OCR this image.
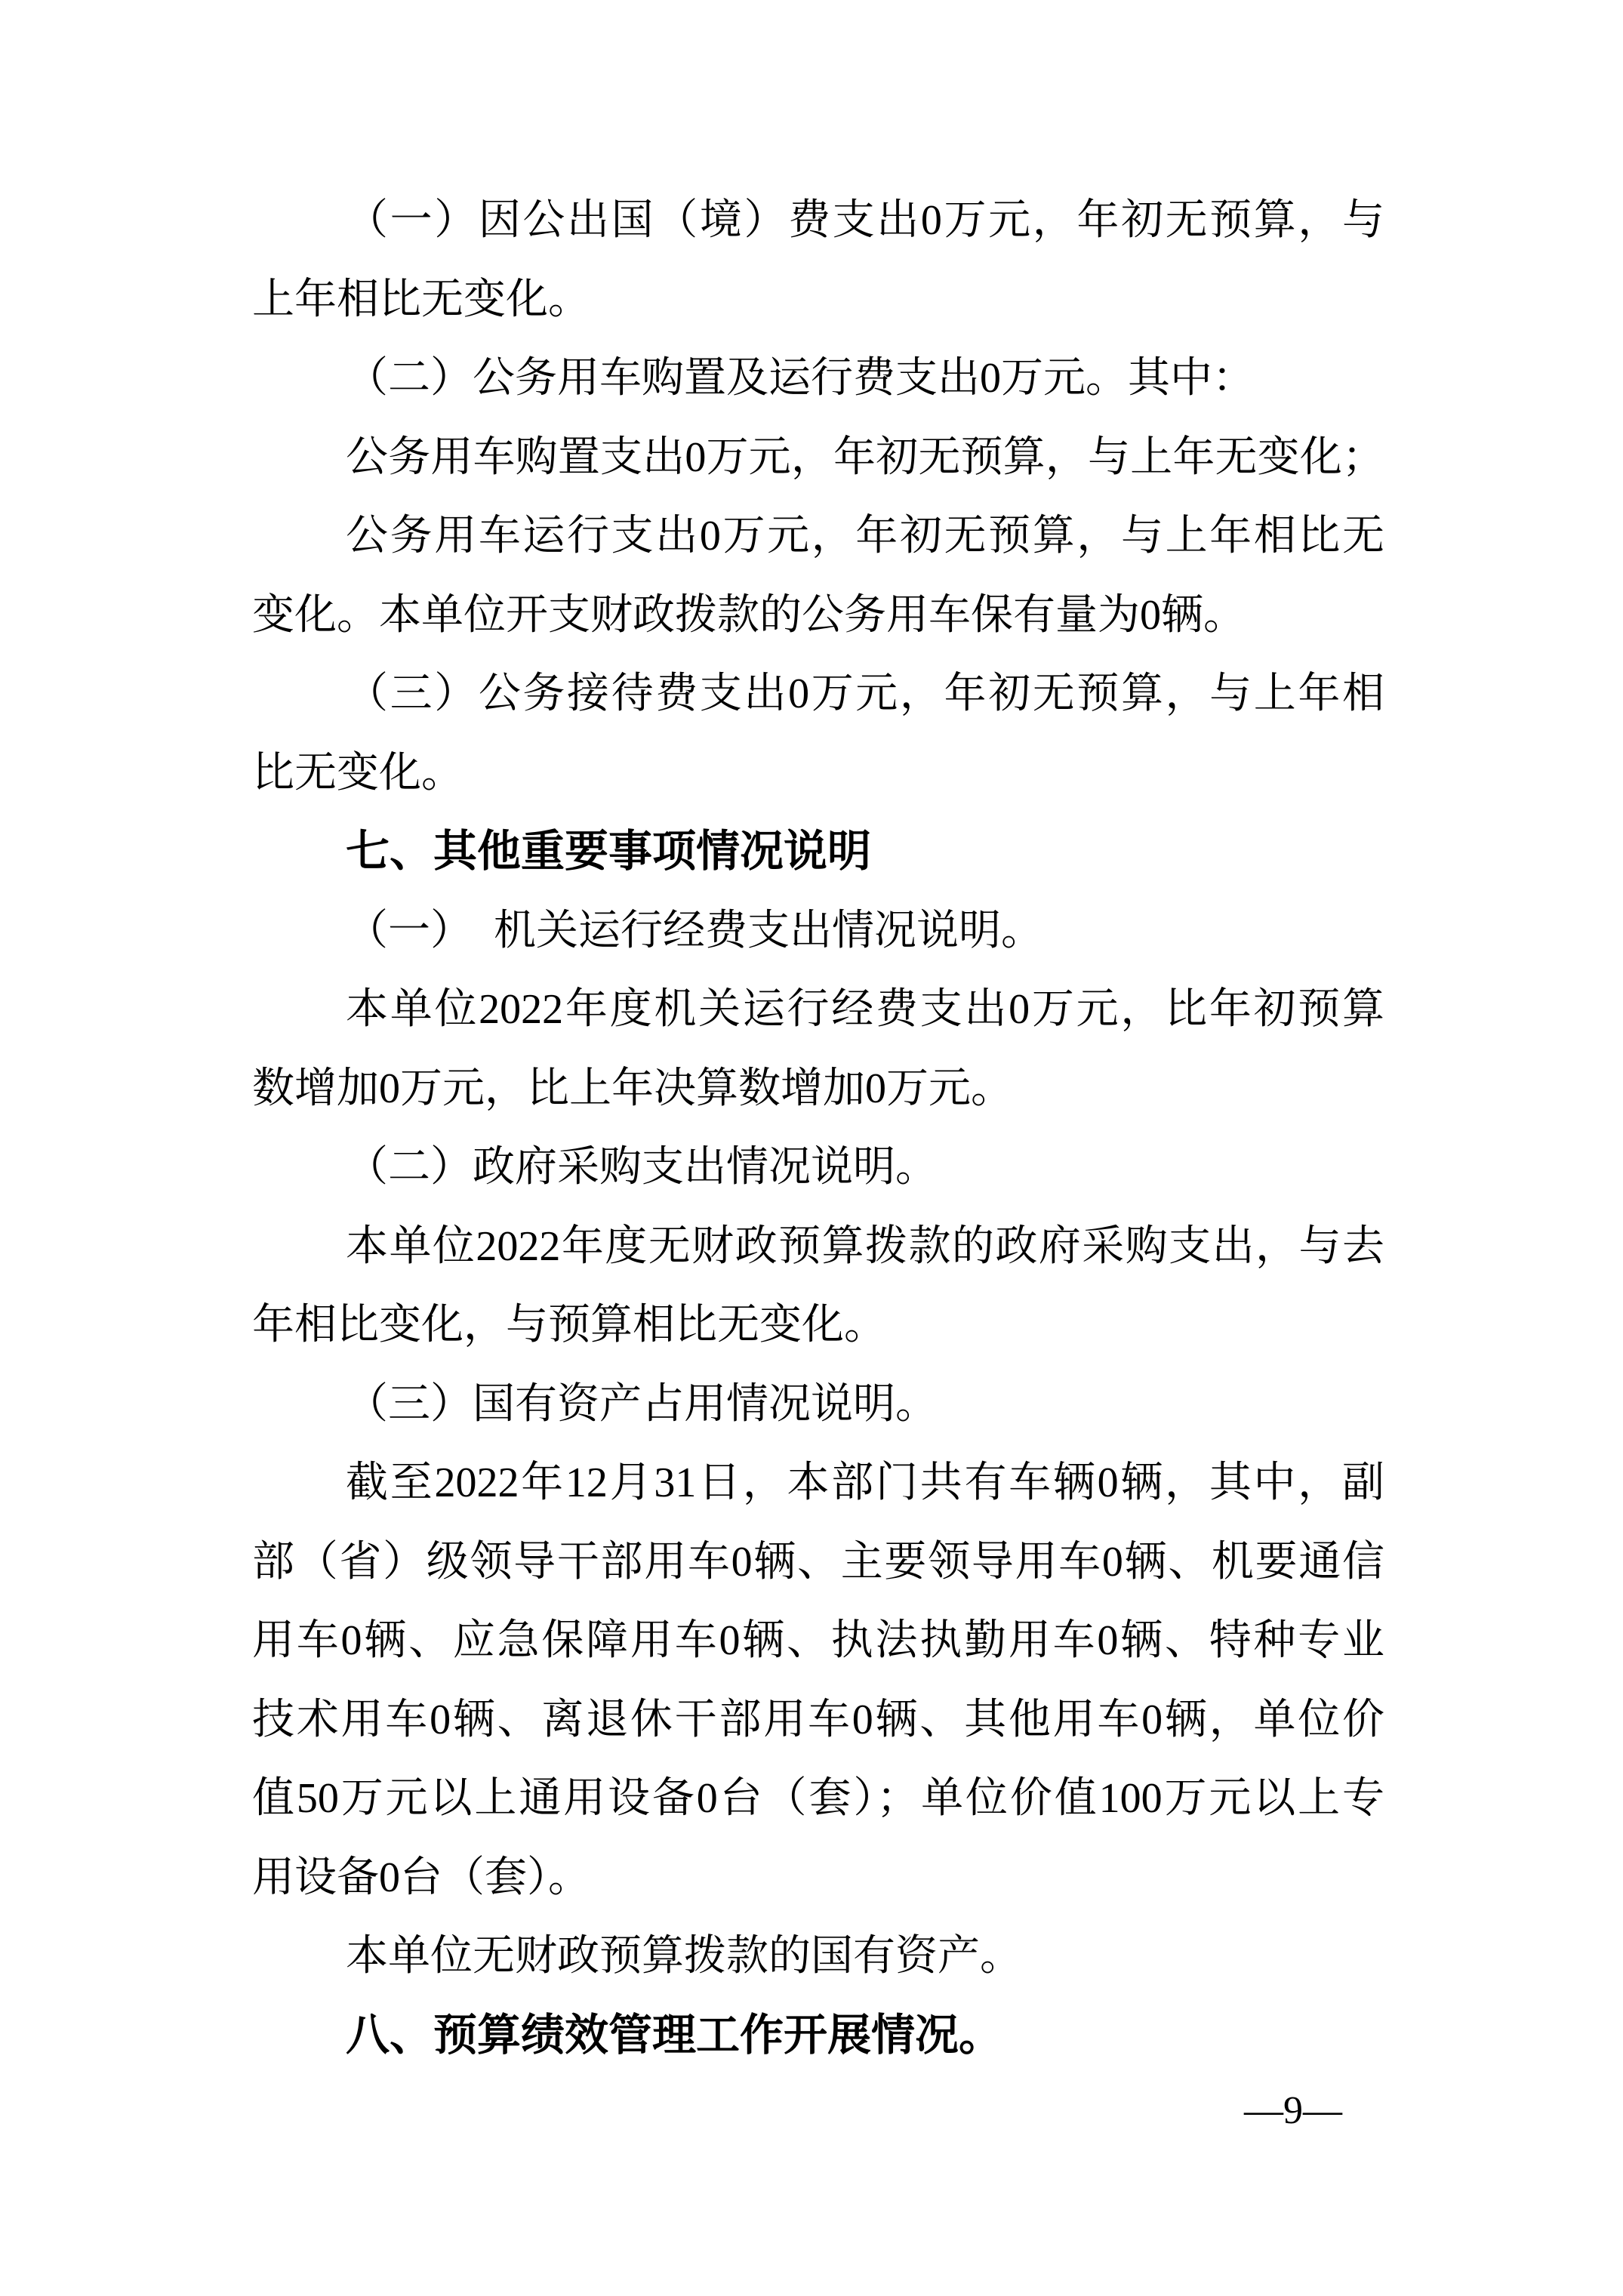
（一）因公出国（境）费支出0万元，年初无预算，与
上年相比无变化。
（二）公务用车购置及运行费支出0万元。其中：
公务用车购置支出0万元，年初无预算，与上年无变化；
公务用车运行支出0万元，年初无预算，与上年相比无
变化。本单位开支财政拨款的公务用车保有量为0辆。
（三）公务接待费支出0万元，年初无预算，与上年相
比无变化。
七、其他重要事项情况说明
（一）　机关运行经费支出情况说明。
本单位2022年度机关运行经费支出0万元，比年初预算
数增加0万元，比上年决算数增加0万元。
（二）政府采购支出情况说明。
本单位2022年度无财政预算拨款的政府采购支出，与去
年相比变化，与预算相比无变化。
（三）国有资产占用情况说明。
截至2022年12月31日，本部门共有车辆0辆，其中，副
部（省）级领导干部用车0辆、主要领导用车0辆、机要通信
用车0辆、应急保障用车0辆、执法执勤用车0辆、特种专业
技术用车0辆、离退休干部用车0辆、其他用车0辆，单位价
值50万元以上通用设备0台（套）；单位价值100万元以上专
用设备0台（套）。
本单位无财政预算拨款的国有资产。
八、预算绩效管理工作开展情况。
—9—
